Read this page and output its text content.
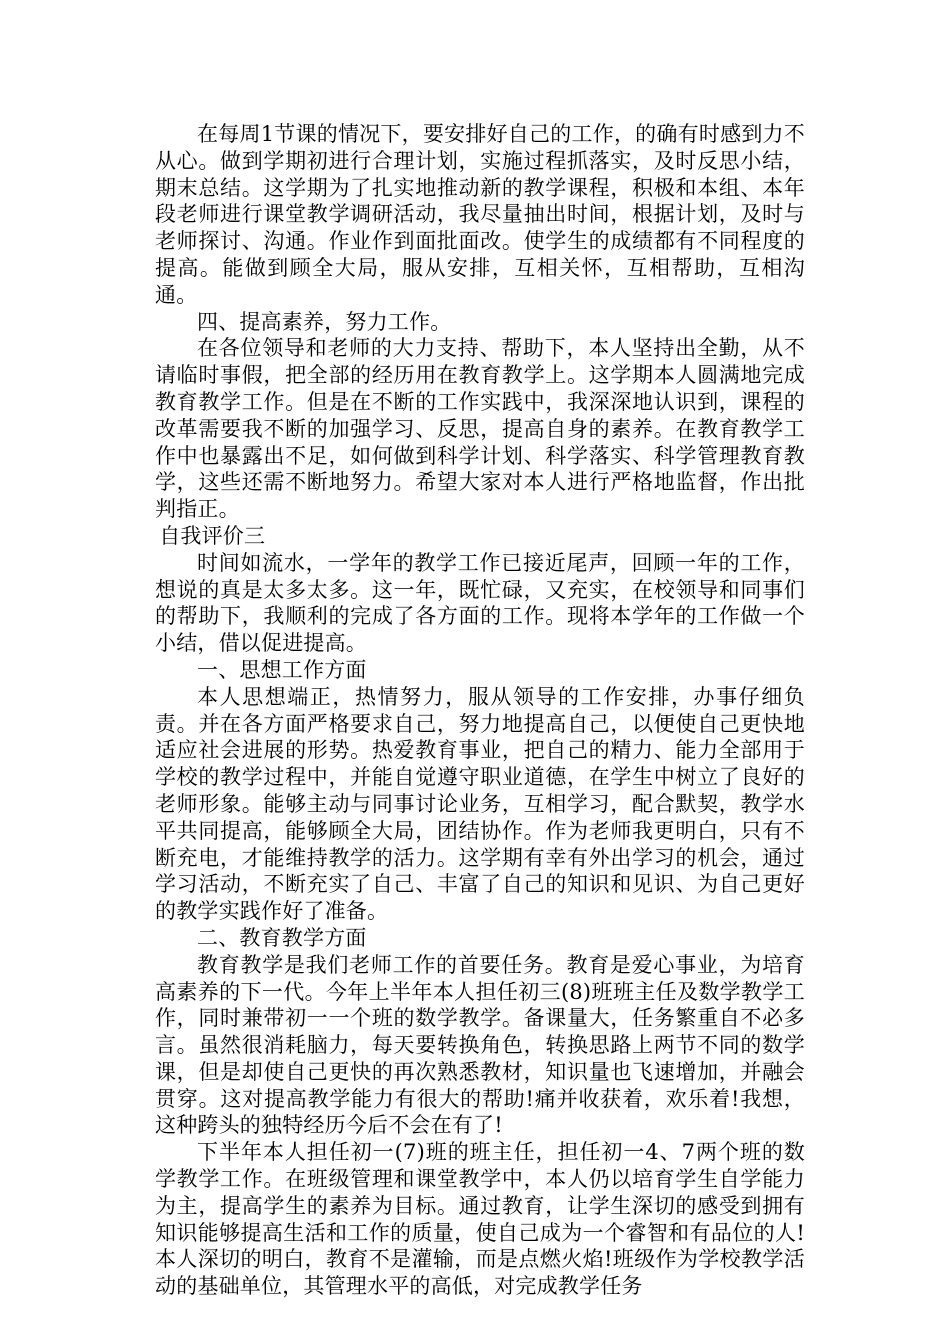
在每周1节课的情况下，要安排好自己的工作，的确有时感到力不从心。做到学期初进行合理计划，实施过程抓落实，及时反思小结，期末总结。这学期为了扎实地推动新的教学课程，积极和本组、本年段老师进行课堂教学调研活动，我尽量抽出时间，根据计划，及时与老师探讨、沟通。作业作到面批面改。使学生的成绩都有不同程度的提高。能做到顾全大局，服从安排，互相关怀，互相帮助，互相沟通。

四、提高素养，努力工作。

在各位领导和老师的大力支持、帮助下，本人坚持出全勤，从不请临时事假，把全部的经历用在教育教学上。这学期本人圆满地完成教育教学工作。但是在不断的工作实践中，我深深地认识到，课程的改革需要我不断的加强学习、反思，提高自身的素养。在教育教学工作中也暴露出不足，如何做到科学计划、科学落实、科学管理教育教学，这些还需不断地努力。希望大家对本人进行严格地监督，作出批判指正。

自我评价三

时间如流水，一学年的教学工作已接近尾声，回顾一年的工作，想说的真是太多太多。这一年，既忙碌，又充实，在校领导和同事们的帮助下，我顺利的完成了各方面的工作。现将本学年的工作做一个小结，借以促进提高。

一、思想工作方面

本人思想端正，热情努力，服从领导的工作安排，办事仔细负责。并在各方面严格要求自己，努力地提高自己，以便使自己更快地适应社会进展的形势。热爱教育事业，把自己的精力、能力全部用于学校的教学过程中，并能自觉遵守职业道德，在学生中树立了良好的老师形象。能够主动与同事讨论业务，互相学习，配合默契，教学水平共同提高，能够顾全大局，团结协作。作为老师我更明白，只有不断充电，才能维持教学的活力。这学期有幸有外出学习的机会，通过学习活动，不断充实了自己、丰富了自己的知识和见识、为自己更好的教学实践作好了准备。

二、教育教学方面

教育教学是我们老师工作的首要任务。教育是爱心事业，为培育高素养的下一代。今年上半年本人担任初三(8)班班主任及数学教学工作，同时兼带初一一个班的数学教学。备课量大，任务繁重自不必多言。虽然很消耗脑力，每天要转换角色，转换思路上两节不同的数学课，但是却使自己更快的再次熟悉教材，知识量也飞速增加，并融会贯穿。这对提高教学能力有很大的帮助!痛并收获着，欢乐着!我想，这种跨头的独特经历今后不会在有了!

下半年本人担任初一(7)班的班主任，担任初一4、7两个班的数学教学工作。在班级管理和课堂教学中，本人仍以培育学生自学能力为主，提高学生的素养为目标。通过教育，让学生深切的感受到拥有知识能够提高生活和工作的质量，使自己成为一个睿智和有品位的人!本人深切的明白，教育不是灌输，而是点燃火焰!班级作为学校教学活动的基础单位，其管理水平的高低，对完成教学任务
